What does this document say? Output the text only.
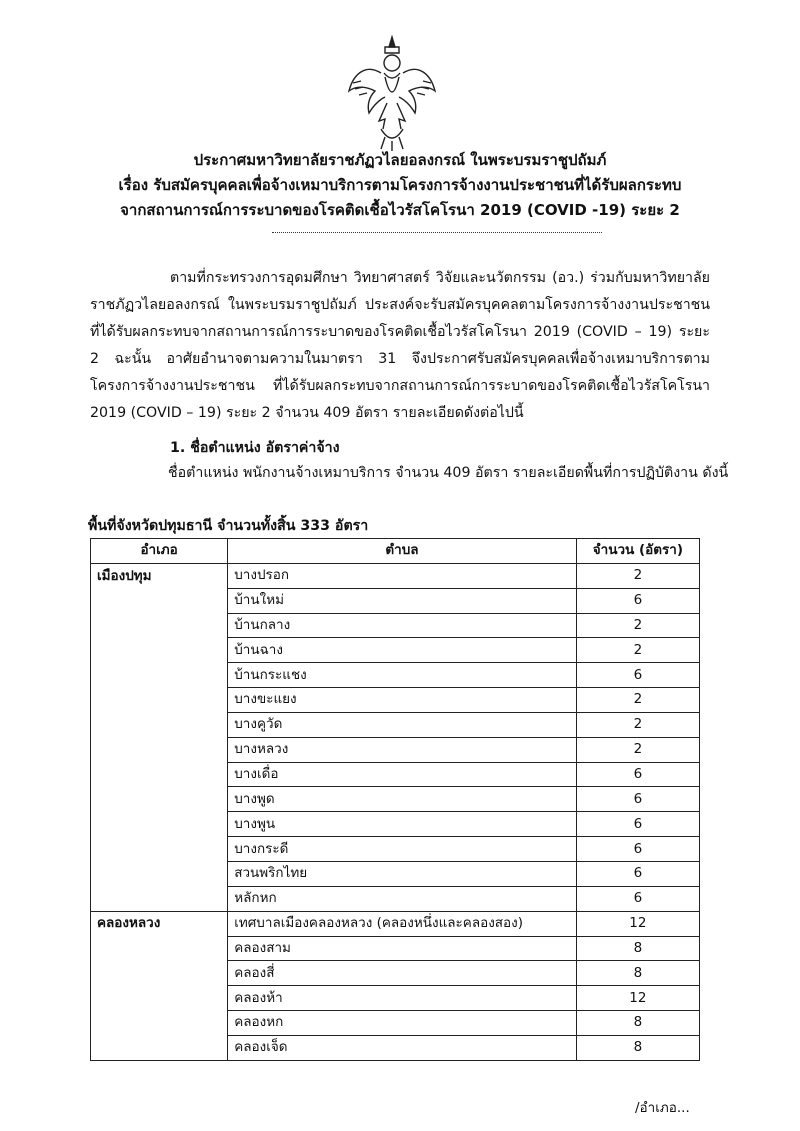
ประกาศมหาวิทยาลัยราชภัฏวไลยอลงกรณ์ ในพระบรมราชูปถัมภ์
เรื่อง รับสมัครบุคคลเพื่อจ้างเหมาบริการตามโครงการจ้างงานประชาชนที่ได้รับผลกระทบ
จากสถานการณ์การระบาดของโรคติดเชื้อไวรัสโคโรนา 2019 (COVID -19) ระยะ 2
ตามที่กระทรวงการอุดมศึกษา วิทยาศาสตร์ วิจัยและนวัตกรรม (อว.) ร่วมกับมหาวิทยาลัยราชภัฏวไลยอลงกรณ์ ในพระบรมราชูปถัมภ์ ประสงค์จะรับสมัครบุคคลตามโครงการจ้างงานประชาชนที่ได้รับผลกระทบจากสถานการณ์การระบาดของโรคติดเชื้อไวรัสโคโรนา 2019 (COVID – 19) ระยะ 2 ฉะนั้น อาศัยอำนาจตามความในมาตรา 31 จึงประกาศรับสมัครบุคคลเพื่อจ้างเหมาบริการตามโครงการจ้างงานประชาชน ที่ได้รับผลกระทบจากสถานการณ์การระบาดของโรคติดเชื้อไวรัสโคโรนา 2019 (COVID – 19) ระยะ 2 จำนวน 409 อัตรา รายละเอียดดังต่อไปนี้
1. ชื่อตำแหน่ง อัตราค่าจ้าง
ชื่อตำแหน่ง พนักงานจ้างเหมาบริการ จำนวน 409 อัตรา รายละเอียดพื้นที่การปฏิบัติงาน ดังนี้
พื้นที่จังหวัดปทุมธานี จำนวนทั้งสิ้น 333 อัตรา
อำเภอ	ตำบล	จำนวน (อัตรา)
เมืองปทุม	บางปรอก	2
	บ้านใหม่	6
	บ้านกลาง	2
	บ้านฉาง	2
	บ้านกระแชง	6
	บางขะแยง	2
	บางคูวัด	2
	บางหลวง	2
	บางเดื่อ	6
	บางพูด	6
	บางพูน	6
	บางกระดี	6
	สวนพริกไทย	6
	หลักหก	6
คลองหลวง	เทศบาลเมืองคลองหลวง (คลองหนึ่งและคลองสอง)	12
	คลองสาม	8
	คลองสี่	8
	คลองห้า	12
	คลองหก	8
	คลองเจ็ด	8
/อำเภอ...
